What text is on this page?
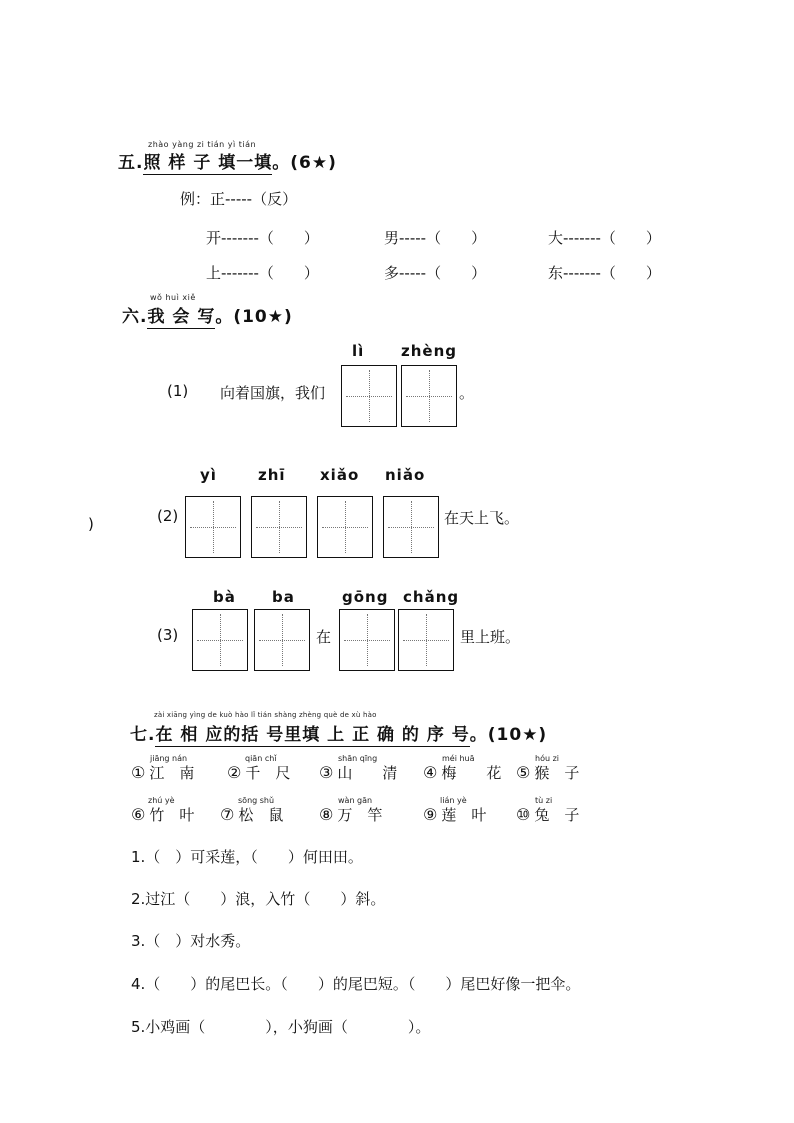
zhào yàng zi tián yì tián
五.照 样 子 填一填。(6★)
例：正-----（反）
开-------（　　）	男-----（　　）	大-------（　　）
上-------（　　）	多-----（　　）	东-------（　　）
wǒ huì xiě
六.我 会 写。(10★)
lì zhèng
(1) 向着国旗，我们	。
yì	zhī xiǎo niǎo
)	(2)	在天上飞。
bà ba	gōng chǎng
(3)	在	里上班。
zài xiāng yìng de kuò hào lǐ tián shàng zhèng què de xù hào
七.在 相 应的括 号里填 上 正 确 的 序 号。(10★)
jiāng nán
① 江　南
qiān chǐ
② 千　尺
shān qīng
③ 山　　清
méi huā
④ 梅　　花
hóu zi
⑤ 猴　子
zhú yè
⑥ 竹　叶
sōng shǔ
⑦ 松　鼠
wàn gān
⑧ 万　竿
lián yè
⑨ 莲　叶
tù zi
⑩ 兔　子
1.（　）可采莲，（　　）何田田。
2.过江（　　）浪，入竹（　　）斜。
3.（　）对水秀。
4.（　　）的尾巴长。（　　）的尾巴短。（　　）尾巴好像一把伞。
5.小鸡画（　　　　），小狗画（　　　　）。
